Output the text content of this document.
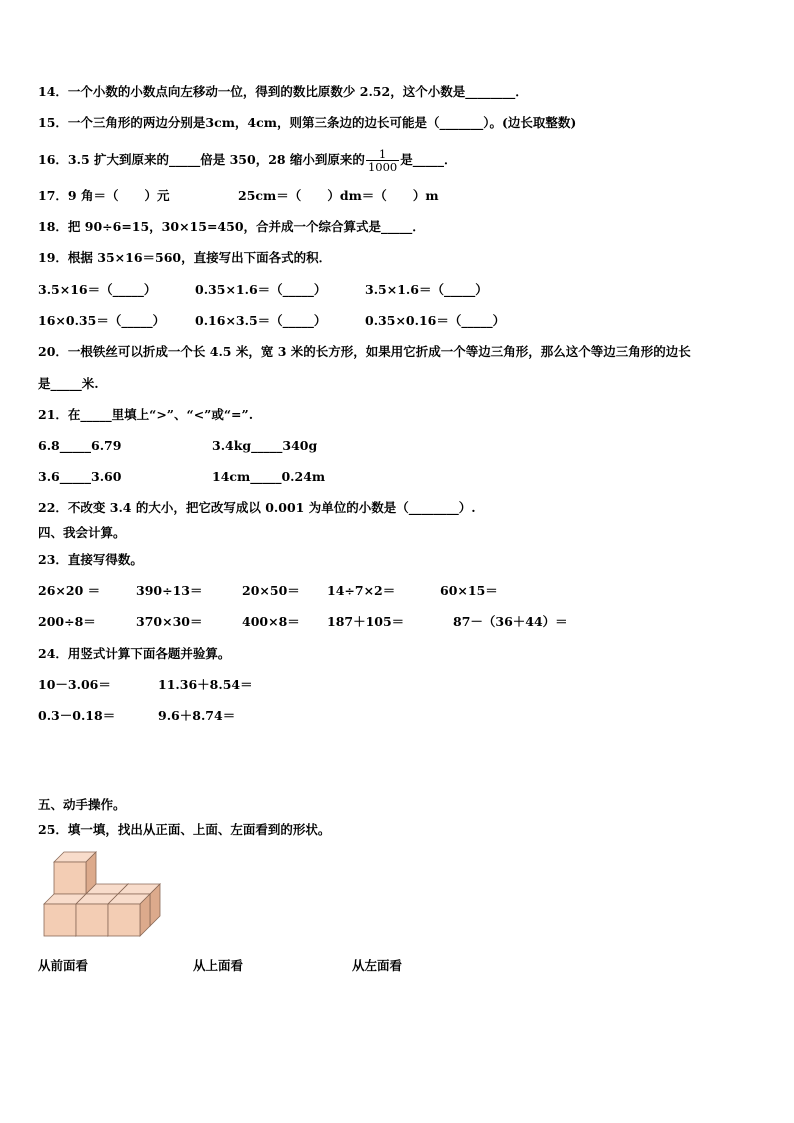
14．一个小数的小数点向左移动一位，得到的数比原数少 2.52，这个小数是________．
15．一个三角形的两边分别是3cm，4cm，则第三条边的边长可能是（_______）。(边长取整数)
16．3.5 扩大到原来的_____倍是 350，28 缩小到原来的 $\frac{1}{1000}$ 是_____．
17．9 角＝（      ）元	25cm＝（      ）dm＝（      ）m
18．把 90÷6=15，30×15=450，合并成一个综合算式是_____．
19．根据 35×16＝560，直接写出下面各式的积．
3.5×16＝（_____）	0.35×1.6＝（_____）	3.5×1.6＝（_____）
16×0.35＝（_____） 0.16×3.5＝（_____）	0.35×0.16＝（_____）
20．一根铁丝可以折成一个长 4.5 米，宽 3 米的长方形，如果用它折成一个等边三角形，那么这个等边三角形的边长
是_____米.
21．在_____里填上“>”、“<”或“=”.
6.8_____6.79	3.4kg_____340g
3.6_____3.60	14cm_____0.24m
22．不改变 3.4 的大小，把它改写成以 0.001 为单位的小数是（________）.
四、我会计算。
23．直接写得数。
26×20 ＝	390÷13＝	20×50＝ 14÷7×2＝	60×15＝
200÷8＝	370×30＝	400×8＝ 187＋105＝	87－（36＋44）＝
24．用竖式计算下面各题并验算。
10－3.06＝	11.36＋8.54＝
0.3－0.18＝	9.6＋8.74＝
五、动手操作。
25．填一填，找出从正面、上面、左面看到的形状。
从前面看	从上面看	从左面看
